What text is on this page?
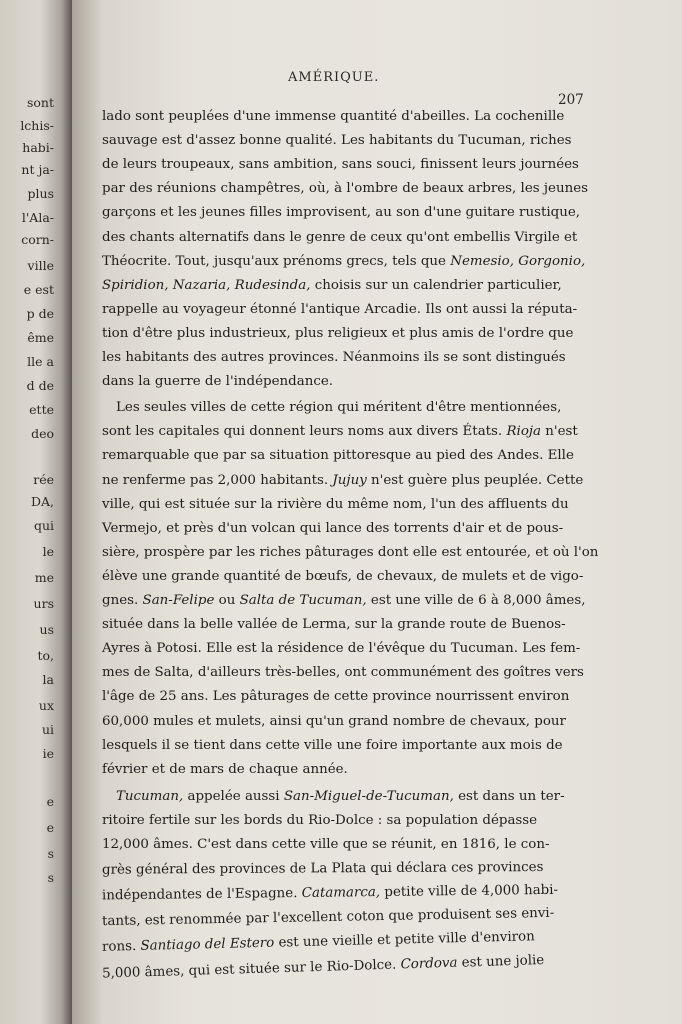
sont
lchis-
habi-
nt ja-
plus
l'Ala-
corn-
ville
e est
p de
ême
lle a
d de
ette
deo
rée
DA,
qui
le
me
urs
us
to,
la
ux
ui
ie
e
e
s
s
AMÉRIQUE.
207
lado sont peuplées d'une immense quantité d'abeilles. La cochenille
sauvage est d'assez bonne qualité. Les habitants du Tucuman, riches
de leurs troupeaux, sans ambition, sans souci, finissent leurs journées
par des réunions champêtres, où, à l'ombre de beaux arbres, les jeunes
garçons et les jeunes filles improvisent, au son d'une guitare rustique,
des chants alternatifs dans le genre de ceux qu'ont embellis Virgile et
Théocrite. Tout, jusqu'aux prénoms grecs, tels que Nemesio, Gorgonio,
Spiridion, Nazaria, Rudesinda, choisis sur un calendrier particulier,
rappelle au voyageur étonné l'antique Arcadie. Ils ont aussi la réputa-
tion d'être plus industrieux, plus religieux et plus amis de l'ordre que
les habitants des autres provinces. Néanmoins ils se sont distingués
dans la guerre de l'indépendance.
Les seules villes de cette région qui méritent d'être mentionnées,
sont les capitales qui donnent leurs noms aux divers États. Rioja n'est
remarquable que par sa situation pittoresque au pied des Andes. Elle
ne renferme pas 2,000 habitants. Jujuy n'est guère plus peuplée. Cette
ville, qui est située sur la rivière du même nom, l'un des affluents du
Vermejo, et près d'un volcan qui lance des torrents d'air et de pous-
sière, prospère par les riches pâturages dont elle est entourée, et où l'on
élève une grande quantité de bœufs, de chevaux, de mulets et de vigo-
gnes. San-Felipe ou Salta de Tucuman, est une ville de 6 à 8,000 âmes,
située dans la belle vallée de Lerma, sur la grande route de Buenos-
Ayres à Potosi. Elle est la résidence de l'évêque du Tucuman. Les fem-
mes de Salta, d'ailleurs très-belles, ont communément des goîtres vers
l'âge de 25 ans. Les pâturages de cette province nourrissent environ
60,000 mules et mulets, ainsi qu'un grand nombre de chevaux, pour
lesquels il se tient dans cette ville une foire importante aux mois de
février et de mars de chaque année.
Tucuman, appelée aussi San-Miguel-de-Tucuman, est dans un ter-
ritoire fertile sur les bords du Rio-Dolce : sa population dépasse
12,000 âmes. C'est dans cette ville que se réunit, en 1816, le con-
grès général des provinces de La Plata qui déclara ces provinces
indépendantes de l'Espagne. Catamarca, petite ville de 4,000 habi-
tants, est renommée par l'excellent coton que produisent ses envi-
rons. Santiago del Estero est une vieille et petite ville d'environ
5,000 âmes, qui est située sur le Rio-Dolce. Cordova est une jolie
